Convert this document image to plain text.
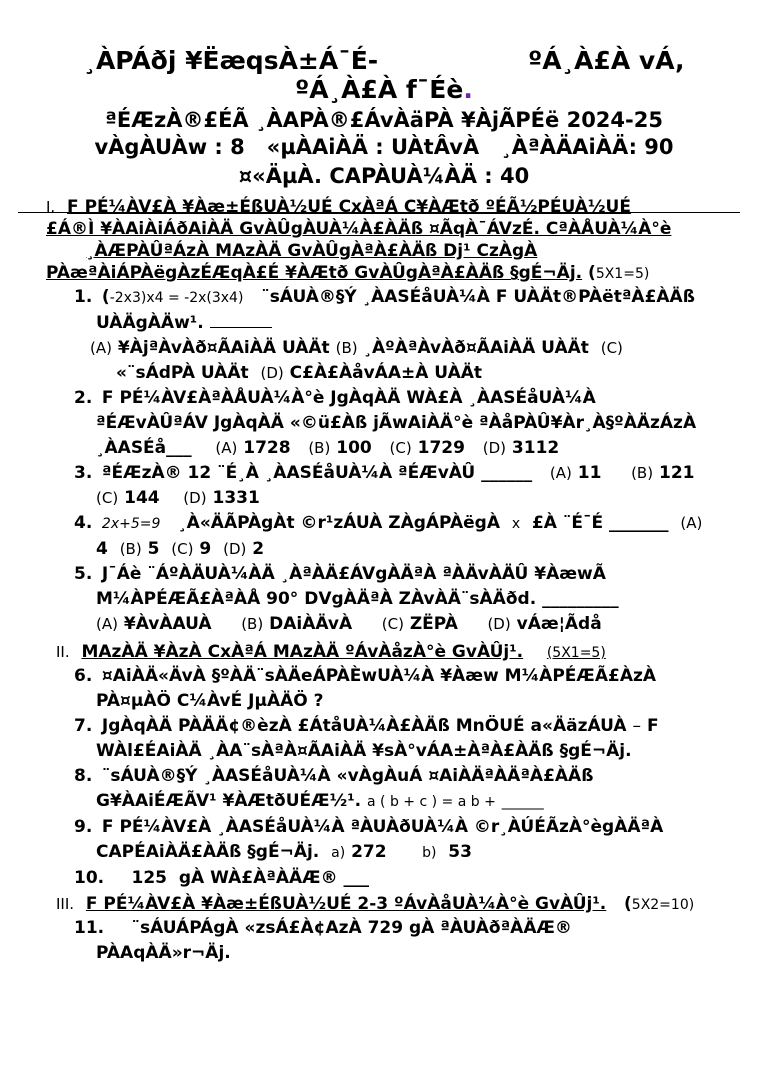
¸ÀPÁðj ¥ËæqsÀ±Á¯É-	ºÁ¸À£À vÁ,
ºÁ¸À£À f¯Éè.
ªÉÆzÀ®£ÉÃ ¸ÀAPÀ®£ÁvÀäPÀ ¥ÀjÃPÉë 2024-25
vÀgÀUÀw : 8 «µÀAiÀÄ : UÀtÂvÀ ¸ÀªÀÄAiÀÄ: 90
¤«ÄµÀ. CAPÀUÀ¼ÀÄ : 40
I. F PÉ¼ÀV£À ¥Àæ±ÉßUÀ½UÉ CxÀªÁ C¥ÀÆtð ºÉÃ½PÉUÀ½UÉ
£Á®Ì ¥ÀAiÀiÁðAiÀÄ GvÀÛgÀUÀ¼À£ÀÄß ¤ÃqÀ¯ÁVzÉ. CªÀÅUÀ¼À°è
¸ÀÆPÀÛªÁzÀ MAzÀÄ GvÀÛgÀªÀ£ÀÄß Dj¹ CzÀgÀ
PÀæªÀiÁPÀëgÀzÉÆqÀ£É ¥ÀÆtð GvÀÛgÀªÀ£ÀÄß §gÉ¬Äj. (5X1=5)
1. (-2x3)x4 = -2x(3x4) ¨sÁUÀ®§Ý ¸ÀASÉåUÀ¼À F UÀÄt®PÀëtªÀ£ÀÄß
UÀÄgÀÄw¹.
(A) ¥ÀjªÀvÀð¤ÃAiÀÄ UÀÄt (B) ¸ÀºÀªÀvÀð¤ÃAiÀÄ UÀÄt (C)
«¨sÁdPÀ UÀÄt (D) C£À£ÀåvÁA±À UÀÄt
2. F PÉ¼ÀV£ÀªÀÅUÀ¼À°è JgÀqÀÄ WÀ£À ¸ÀASÉåUÀ¼À
ªÉÆvÀÛªÁV JgÀqÀÄ «©ü£Àß jÃwAiÀÄ°è ªÀåPÀÛ¥Àr¸À§ºÀÄzÁzÀ
¸ÀASÉå___ (A) 1728 (B) 100 (C) 1729 (D) 3112
3. ªÉÆzÀ® 12 ¨É¸À ¸ÀASÉåUÀ¼À ªÉÆvÀÛ ______ (A) 11 (B) 121
(C) 144 (D) 1331
4. 2x+5=9 ¸À«ÄÃPÀgÀt ©r¹zÁUÀ ZÀgÁPÀëgÀ x £À ¨É¯É _______ (A)
4 (B) 5 (C) 9 (D) 2
5. J¯Áè ¨ÁºÀÄUÀ¼ÀÄ ¸ÀªÀÄ£ÁVgÀÄªÀ ªÀÄvÀÄÛ ¥ÀæwÃ
M¼ÀPÉÆÃ£ÀªÀÅ 90° DVgÀÄªÀ ZÀvÀÄ¨sÀÄðd. _________
(A) ¥ÀvÀAUÀ (B) DAiÀÄvÀ (C) ZËPÀ (D) vÁæ¦Ãdå
II. MAzÀÄ ¥ÀzÀ CxÀªÁ MAzÀÄ ºÁvÀåzÀ°è GvÀÛj¹. (5X1=5)
6. ¤AiÀÄ«ÄvÀ §ºÀÄ¨sÀÄeÁPÀÈwUÀ¼À ¥Àæw M¼ÀPÉÆÃ£ÀzÀ
PÀ¤µÀÖ C¼ÀvÉ JµÀÄÖ ?
7. JgÀqÀÄ PÀÄÄ¢®èzÀ £ÁtåUÀ¼À£ÀÄß MnÖUÉ a«ÄäzÁUÀ – F
WÀl£ÉAiÀÄ ¸ÀA¨sÀªÀ¤ÃAiÀÄ ¥sÀ°vÁA±ÀªÀ£ÀÄß §gÉ¬Äj.
8. ¨sÁUÀ®§Ý ¸ÀASÉåUÀ¼À «vÀgÀuÁ ¤AiÀÄªÀÄªÀ£ÀÄß
G¥ÀAiÉÆÃV¹ ¥ÀÆtðUÉÆ½¹. a ( b + c ) = a b + ______
9. F PÉ¼ÀV£À ¸ÀASÉåUÀ¼À ªÀUÀðUÀ¼À ©r¸ÀÚÉÃzÀ°ègÀÄªÀ
CAPÉAiÀÄ£ÀÄß §gÉ¬Äj. a) 272	b) 53
10. 125 gÀ WÀ£ÀªÀÄÆ® ___
III. F PÉ¼ÀV£À ¥Àæ±ÉßUÀ½UÉ 2-3 ºÁvÀåUÀ¼À°è GvÀÛj¹. (5X2=10)
11. ¨sÁUÁPÁgÀ «zsÁ£À¢AzÀ 729 gÀ ªÀUÀðªÀÄÆ®
PÀAqÀÄ»r¬Äj.
